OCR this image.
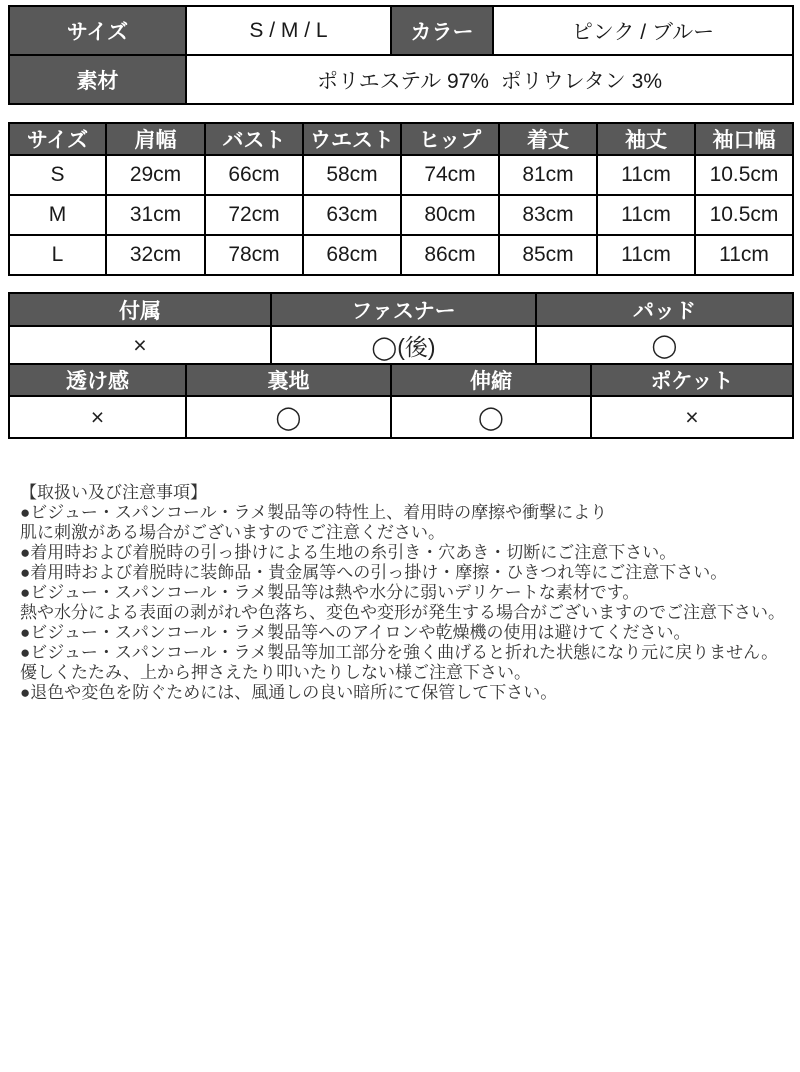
サイズ	S / M / L	カラー	ピンク / ブルー
素材	ポリエステル 97%  ポリウレタン 3%		
サイズ	肩幅	バスト	ウエスト	ヒップ	着丈	袖丈	袖口幅
S	29cm	66cm	58cm	74cm	81cm	11cm	10.5cm
M	31cm	72cm	63cm	80cm	83cm	11cm	10.5cm
L	32cm	78cm	68cm	86cm	85cm	11cm	11cm
付属	ファスナー	パッド
×	◯(後)	◯
透け感	裏地	伸縮	ポケット
×	◯	◯	×
【取扱い及び注意事項】
●ビジュー・スパンコール・ラメ製品等の特性上、着用時の摩擦や衝撃により
肌に刺激がある場合がございますのでご注意ください。
●着用時および着脱時の引っ掛けによる生地の糸引き・穴あき・切断にご注意下さい。
●着用時および着脱時に装飾品・貴金属等への引っ掛け・摩擦・ひきつれ等にご注意下さい。
●ビジュー・スパンコール・ラメ製品等は熱や水分に弱いデリケートな素材です。
熱や水分による表面の剥がれや色落ち、変色や変形が発生する場合がございますのでご注意下さい。
●ビジュー・スパンコール・ラメ製品等へのアイロンや乾燥機の使用は避けてください。
●ビジュー・スパンコール・ラメ製品等加工部分を強く曲げると折れた状態になり元に戻りません。
優しくたたみ、上から押さえたり叩いたりしない様ご注意下さい。
●退色や変色を防ぐためには、風通しの良い暗所にて保管して下さい。
